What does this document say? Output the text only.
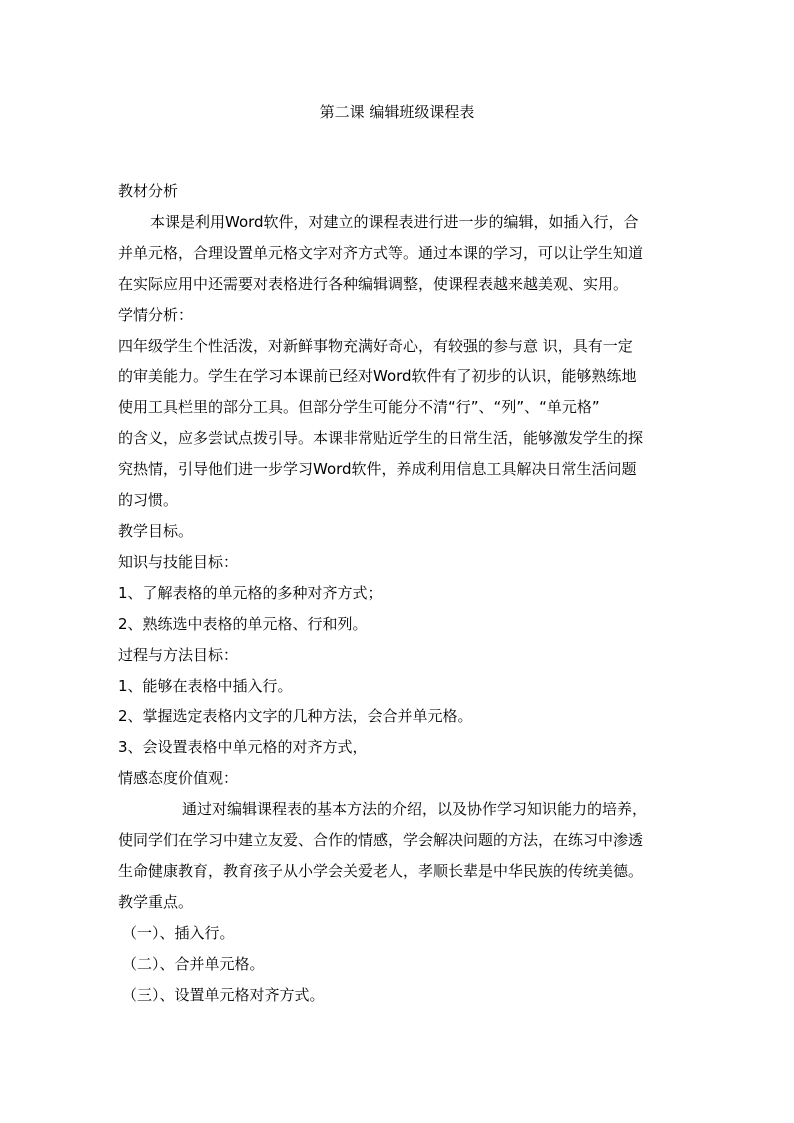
第二课 编辑班级课程表

教材分析

本课是利用Word软件，对建立的课程表进行进一步的编辑，如插入行，合

并单元格，合理设置单元格文字对齐方式等。通过本课的学习，可以让学生知道

在实际应用中还需要对表格进行各种编辑调整，使课程表越来越美观、实用。

学情分析：

四年级学生个性活泼，对新鲜事物充满好奇心，有较强的参与意 识，具有一定

的审美能力。学生在学习本课前已经对Word软件有了初步的认识，能够熟练地

使用工具栏里的部分工具。但部分学生可能分不清“行”、“列”、“单元格”

的含义，应多尝试点拨引导。本课非常贴近学生的日常生活，能够激发学生的探

究热情，引导他们进一步学习Word软件，养成利用信息工具解决日常生活问题

的习惯。

教学目标。

知识与技能目标：

1、了解表格的单元格的多种对齐方式；

2、熟练选中表格的单元格、行和列。

过程与方法目标：

1、能够在表格中插入行。

2、掌握选定表格内文字的几种方法，会合并单元格。

3、会设置表格中单元格的对齐方式，

情感态度价值观：

通过对编辑课程表的基本方法的介绍，以及协作学习知识能力的培养，

使同学们在学习中建立友爱、合作的情感，学会解决问题的方法，在练习中渗透

生命健康教育，教育孩子从小学会关爱老人，孝顺长辈是中华民族的传统美德。

教学重点。

（一）、插入行。

（二）、合并单元格。

（三）、设置单元格对齐方式。
